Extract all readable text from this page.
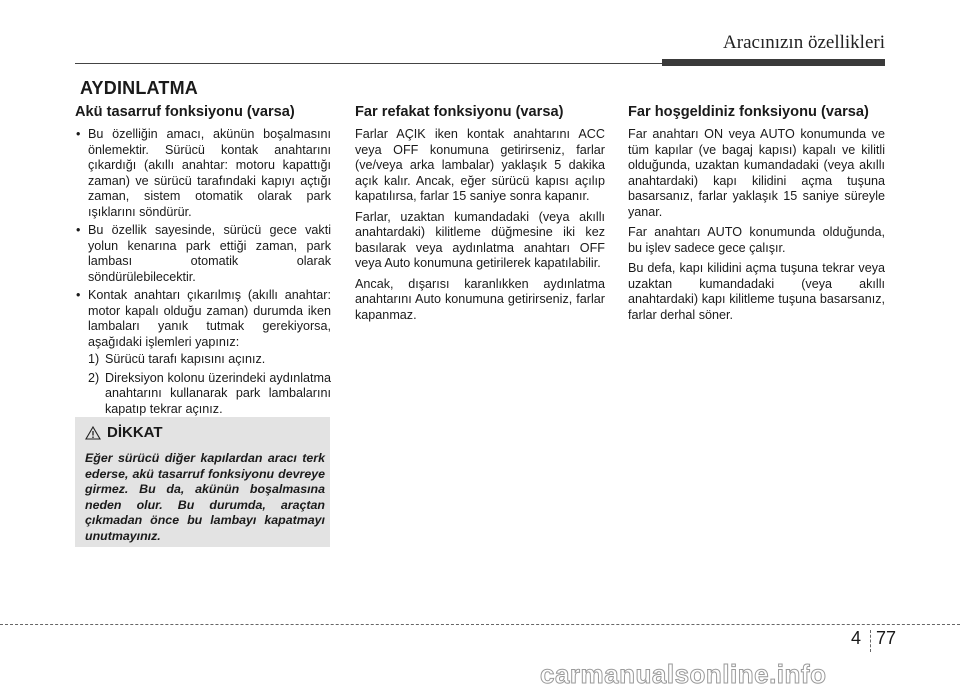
Aracınızın özellikleri
AYDINLATMA
Akü tasarruf fonksiyonu (varsa)
• Bu özelliğin amacı, akünün boşalmasını önlemektir. Sürücü kontak anahtarını çıkardığı (akıllı anahtar: motoru kapattığı zaman) ve sürücü tarafındaki kapıyı açtığı zaman, sistem otomatik olarak park ışıklarını söndürür.
• Bu özellik sayesinde, sürücü gece vakti yolun kenarına park ettiği zaman, park lambası otomatik olarak söndürülebilecektir.
• Kontak anahtarı çıkarılmış (akıllı anahtar: motor kapalı olduğu zaman) durumda iken lambaları yanık tutmak gerekiyorsa, aşağıdaki işlemleri yapınız:
1) Sürücü tarafı kapısını açınız.
2) Direksiyon kolonu üzerindeki aydınlatma anahtarını kullanarak park lambalarını kapatıp tekrar açınız.
DİKKAT
Eğer sürücü diğer kapılardan aracı terk ederse, akü tasarruf fonksiyonu devreye girmez. Bu da, akünün boşalmasına neden olur. Bu durumda, araçtan çıkmadan önce bu lambayı kapatmayı unutmayınız.
Far refakat fonksiyonu (varsa)

Farlar AÇIK iken kontak anahtarını ACC veya OFF konumuna getirirseniz, farlar (ve/veya arka lambalar) yaklaşık 5 dakika açık kalır. Ancak, eğer sürücü kapısı açılıp kapatılırsa, farlar 15 saniye sonra kapanır.

Farlar, uzaktan kumandadaki (veya akıllı anahtardaki) kilitleme düğmesine iki kez basılarak veya aydınlatma anahtarı OFF veya Auto konumuna getirilerek kapatılabilir.

Ancak, dışarısı karanlıkken aydınlatma anahtarını Auto konumuna getirirseniz, farlar kapanmaz.

Far hoşgeldiniz fonksiyonu (varsa)

Far anahtarı ON veya AUTO konumunda ve tüm kapılar (ve bagaj kapısı) kapalı ve kilitli olduğunda, uzaktan kumandadaki (veya akıllı anahtardaki) kapı kilidini açma tuşuna basarsanız, farlar yaklaşık 15 saniye süreyle yanar.

Far anahtarı AUTO konumunda olduğunda, bu işlev sadece gece çalışır.

Bu defa, kapı kilidini açma tuşuna tekrar veya uzaktan kumandadaki (veya akıllı anahtardaki) kapı kilitleme tuşuna basarsanız, farlar derhal söner.

4 77
carmanualsonline.info
